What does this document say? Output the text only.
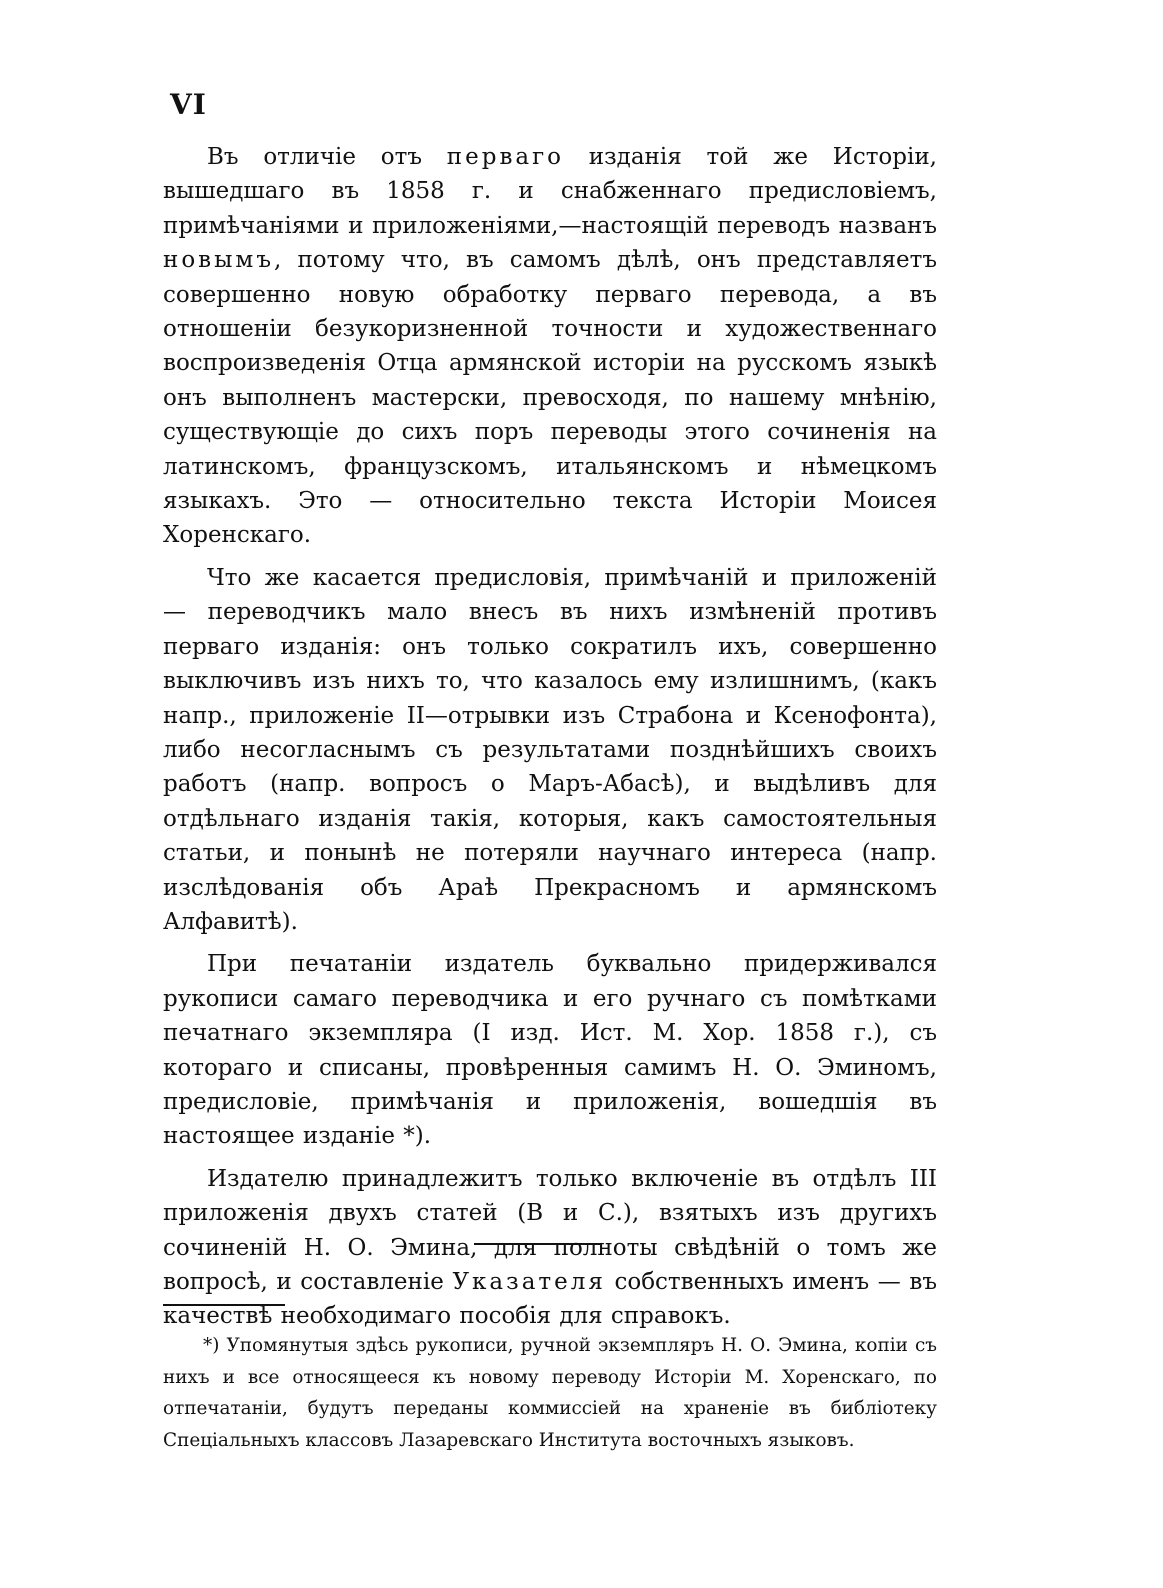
VI

Въ отличіе отъ перваго изданія той же Исторіи, вышедшаго въ 1858 г. и снабженнаго предисловіемъ, примѣчаніями и приложеніями,—настоящій переводъ названъ новымъ, потому что, въ самомъ дѣлѣ, онъ представляетъ совершенно новую обработку перваго перевода, а въ отношеніи безукоризненной точности и художественнаго воспроизведенія Отца армянской исторіи на русскомъ языкѣ онъ выполненъ мастерски, превосходя, по нашему мнѣнію, существующіе до сихъ поръ переводы этого сочиненія на латинскомъ, французскомъ, итальянскомъ и нѣмецкомъ языкахъ. Это — относительно текста Исторіи Моисея Хоренскаго.

Что же касается предисловія, примѣчаній и приложеній — переводчикъ мало внесъ въ нихъ измѣненій противъ перваго изданія: онъ только сократилъ ихъ, совершенно выключивъ изъ нихъ то, что казалось ему излишнимъ, (какъ напр., приложеніе II—отрывки изъ Страбона и Ксенофонта), либо несогласнымъ съ результатами позднѣйшихъ своихъ работъ (напр. вопросъ о Маръ-Абасѣ), и выдѣливъ для отдѣльнаго изданія такія, которыя, какъ самостоятельныя статьи, и понынѣ не потеряли научнаго интереса (напр. изслѣдованія объ Араѣ Прекрасномъ и армянскомъ Алфавитѣ).

При печатаніи издатель буквально придерживался рукописи самаго переводчика и его ручнаго съ помѣтками печатнаго экземпляра (I изд. Ист. М. Хор. 1858 г.), съ котораго и списаны, провѣренныя самимъ Н. О. Эминомъ, предисловіе, примѣчанія и приложенія, вошедшія въ настоящее изданіе *).

Издателю принадлежитъ только включеніе въ отдѣлъ III приложенія двухъ статей (В и С.), взятыхъ изъ другихъ сочиненій Н. О. Эмина, для полноты свѣдѣній о томъ же вопросѣ, и составленіе Указателя собственныхъ именъ — въ качествѣ необходимаго пособія для справокъ.

*) Упомянутыя здѣсь рукописи, ручной экземпляръ Н. О. Эмина, копіи съ нихъ и все относящееся къ новому переводу Исторіи М. Хоренскаго, по отпечатаніи, будутъ переданы коммиссіей на храненіе въ библіотеку Спеціальныхъ классовъ Лазаревскаго Института восточныхъ языковъ.
